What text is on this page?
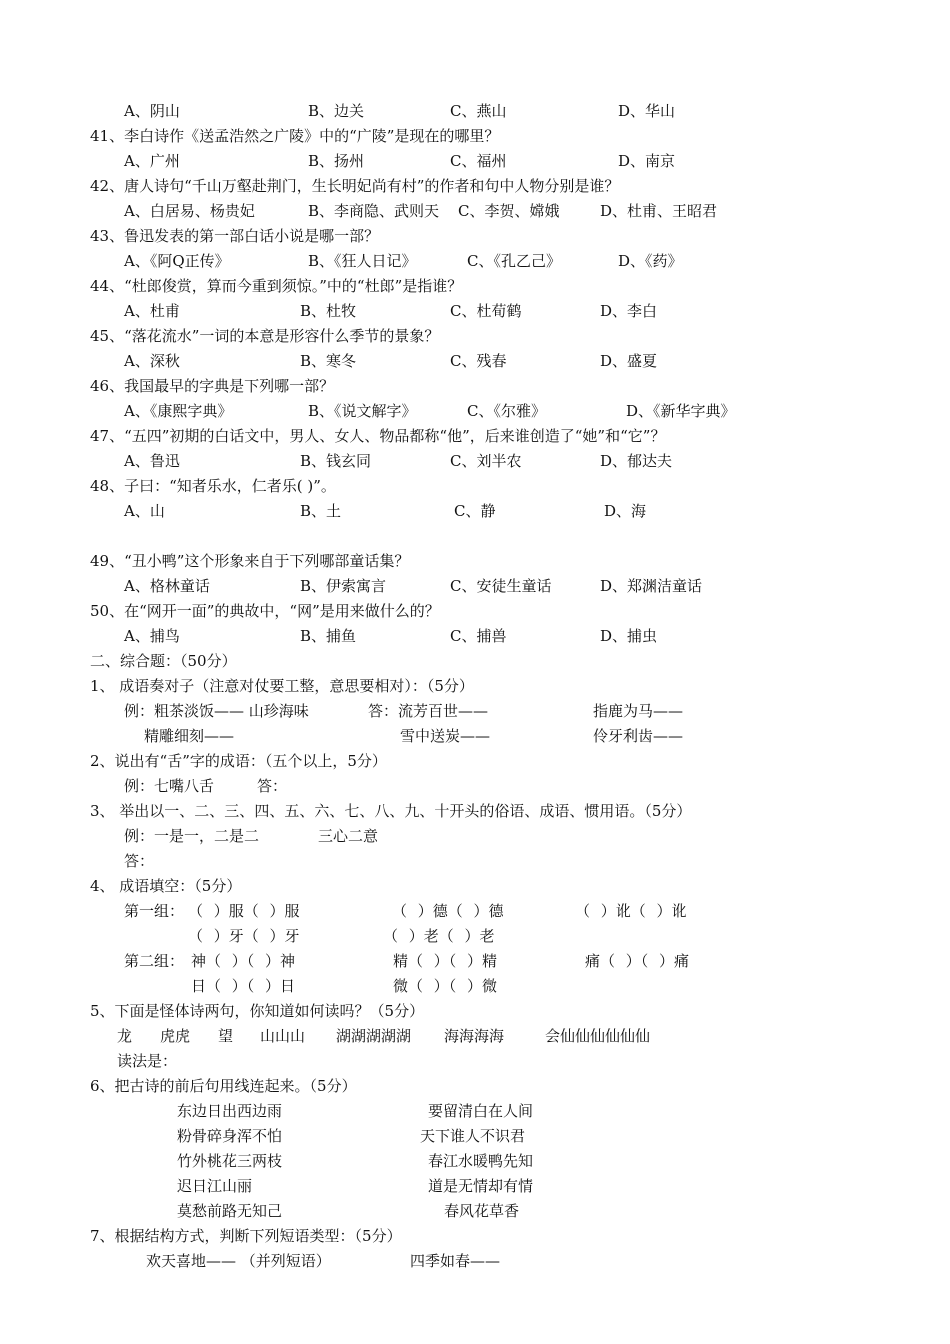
A、阴山	B、边关	C、燕山	D、华山
41、李白诗作《送孟浩然之广陵》中的“广陵”是现在的哪里？
A、广州	B、扬州	C、福州	D、南京
42、唐人诗句“千山万壑赴荆门，生长明妃尚有村”的作者和句中人物分别是谁？
A、白居易、杨贵妃	B、李商隐、武则天 C、李贺、嫦娥	D、杜甫、王昭君
43、鲁迅发表的第一部白话小说是哪一部？
A、《阿Q正传》	B、《狂人日记》	C、《孔乙己》	D、《药》
44、“杜郎俊赏，算而今重到须惊。”中的“杜郎”是指谁？
A、杜甫	B、杜牧	C、杜荀鹤	D、李白
45、“落花流水”一词的本意是形容什么季节的景象？
A、深秋	B、寒冬	C、残春	D、盛夏
46、我国最早的字典是下列哪一部？
A、《康熙字典》	B、《说文解字》	C、《尔雅》	D、《新华字典》
47、“五四”初期的白话文中，男人、女人、物品都称“他”，后来谁创造了“她”和“它”？
A、鲁迅	B、钱玄同	C、刘半农	D、郁达夫
48、子曰：“知者乐水，仁者乐( )”。
A、山	B、土	C、静	D、海
49、“丑小鸭”这个形象来自于下列哪部童话集？
A、格林童话	B、伊索寓言	C、安徒生童话	D、郑渊洁童话
50、在“网开一面”的典故中，“网”是用来做什么的？
A、捕鸟	B、捕鱼	C、捕兽	D、捕虫
二、综合题：（50分）
1、 成语奏对子（注意对仗要工整，意思要相对）：（5分）
例：粗茶淡饭—— 山珍海味	答：流芳百世——	指鹿为马——
精雕细刻——	雪中送炭——	伶牙利齿——
2、说出有“舌”字的成语：（五个以上，5分）
例：七嘴八舌	答：
3、 举出以一、二、三、四、五、六、七、八、九、十开头的俗语、成语、惯用语。（5分）
例：一是一，二是二	三心二意
答：
4、 成语填空：（5分）
第一组： （ ）服（ ）服	（ ）德（ ）德	（ ）讹（ ）讹
（ ）牙（ ）牙	（ ）老（ ）老
第二组： 神（ ）（ ）神	精（ ）（ ）精	痛（ ）（ ）痛
日（ ）（ ）日	微（ ）（ ）微
5、下面是怪体诗两句，你知道如何读吗？（5分）
龙 虎虎 望 山山山 湖湖湖湖湖 海海海海	会仙仙仙仙仙仙
读法是：
6、把古诗的前后句用线连起来。（5分）
东边日出西边雨	要留清白在人间
粉骨碎身浑不怕	天下谁人不识君
竹外桃花三两枝	春江水暖鸭先知
迟日江山丽	道是无情却有情
莫愁前路无知己	春风花草香
7、根据结构方式，判断下列短语类型：（5分）
欢天喜地—— （并列短语）	四季如春——
